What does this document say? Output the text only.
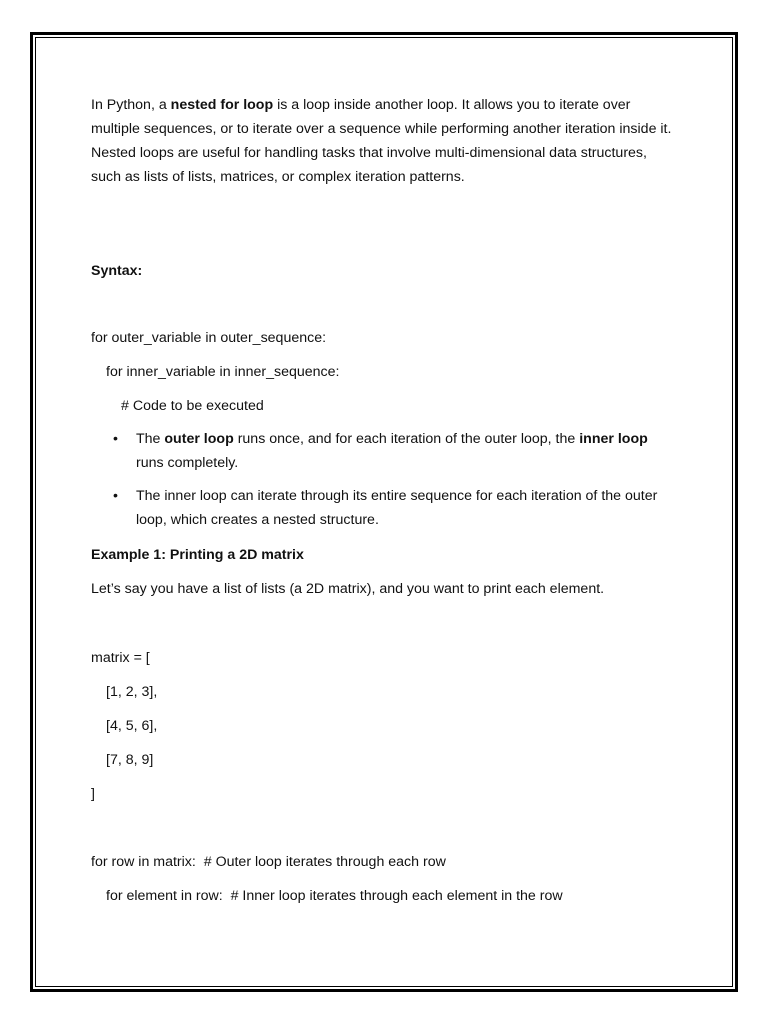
In Python, a nested for loop is a loop inside another loop. It allows you to iterate over multiple sequences, or to iterate over a sequence while performing another iteration inside it. Nested loops are useful for handling tasks that involve multi-dimensional data structures, such as lists of lists, matrices, or complex iteration patterns.

Syntax:
for outer_variable in outer_sequence:
for inner_variable in inner_sequence:
# Code to be executed
• The outer loop runs once, and for each iteration of the outer loop, the inner loop runs completely.
• The inner loop can iterate through its entire sequence for each iteration of the outer loop, which creates a nested structure.
Example 1: Printing a 2D matrix
Let’s say you have a list of lists (a 2D matrix), and you want to print each element.
matrix = [
[1, 2, 3],
[4, 5, 6],
[7, 8, 9]
]
for row in matrix:  # Outer loop iterates through each row
for element in row:  # Inner loop iterates through each element in the row
